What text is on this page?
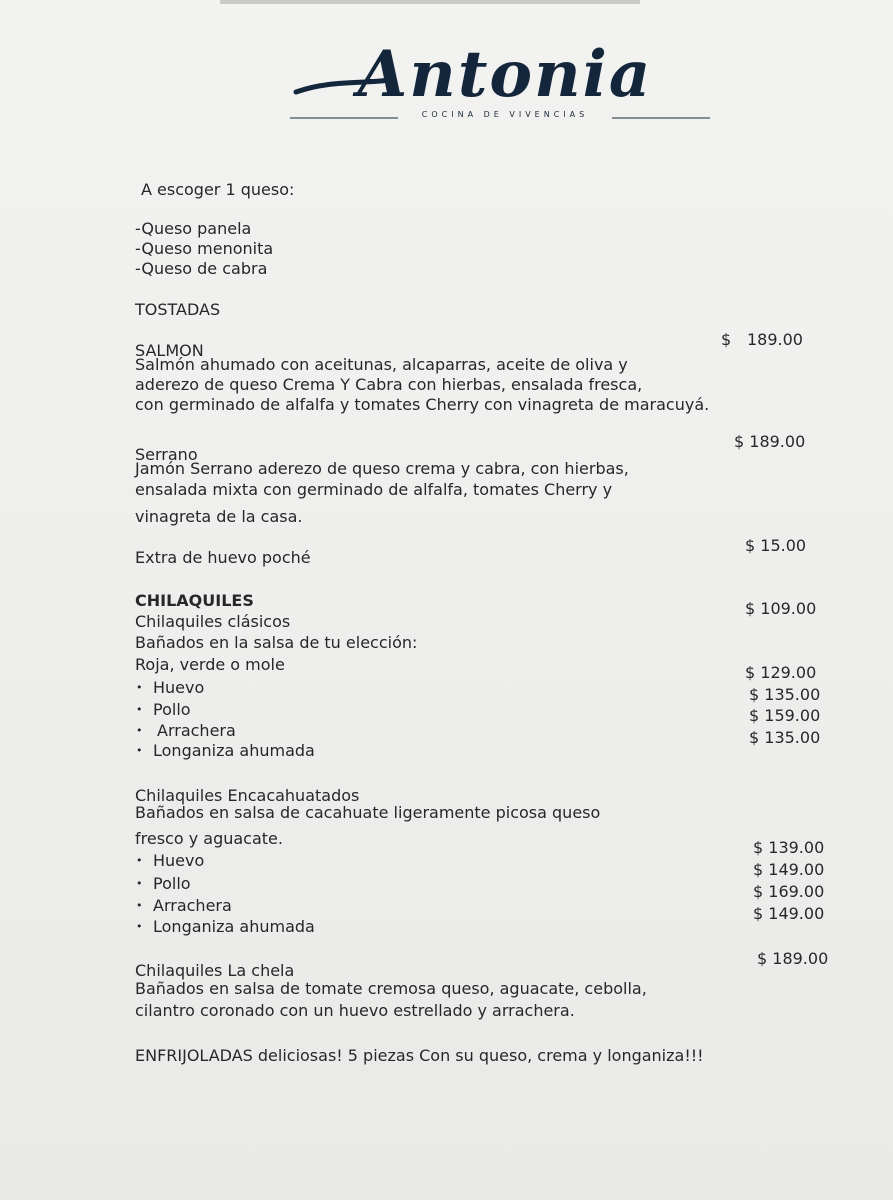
Antonia
COCINA DE VIVENCIAS
A escoger 1 queso:
-Queso panela
-Queso menonita
-Queso de cabra
TOSTADAS
SALMON
$ 189.00
Salmón ahumado con aceitunas, alcaparras, aceite de oliva y
aderezo de queso Crema Y Cabra con hierbas, ensalada fresca,
con germinado de alfalfa y tomates Cherry con vinagreta de maracuyá.
$ 189.00
Serrano
Jamón Serrano aderezo de queso crema y cabra, con hierbas,
ensalada mixta con germinado de alfalfa, tomates Cherry y
vinagreta de la casa.
$ 15.00
Extra de huevo poché
CHILAQUILES	$ 109.00
Chilaquiles clásicos
Bañados en la salsa de tu elección:
Roja, verde o mole
• Huevo
$ 129.00
• Pollo
$ 135.00
• Arrachera
$ 159.00
• Longaniza ahumada
$ 135.00
Chilaquiles Encacahuatados
Bañados en salsa de cacahuate ligeramente picosa queso
fresco y aguacate.
• Huevo
$ 139.00
• Pollo
$ 149.00
• Arrachera
$ 169.00
• Longaniza ahumada
$ 149.00
$ 189.00
Chilaquiles La chela
Bañados en salsa de tomate cremosa queso, aguacate, cebolla,
cilantro coronado con un huevo estrellado y arrachera.
ENFRIJOLADAS deliciosas! 5 piezas Con su queso, crema y longaniza!!!
